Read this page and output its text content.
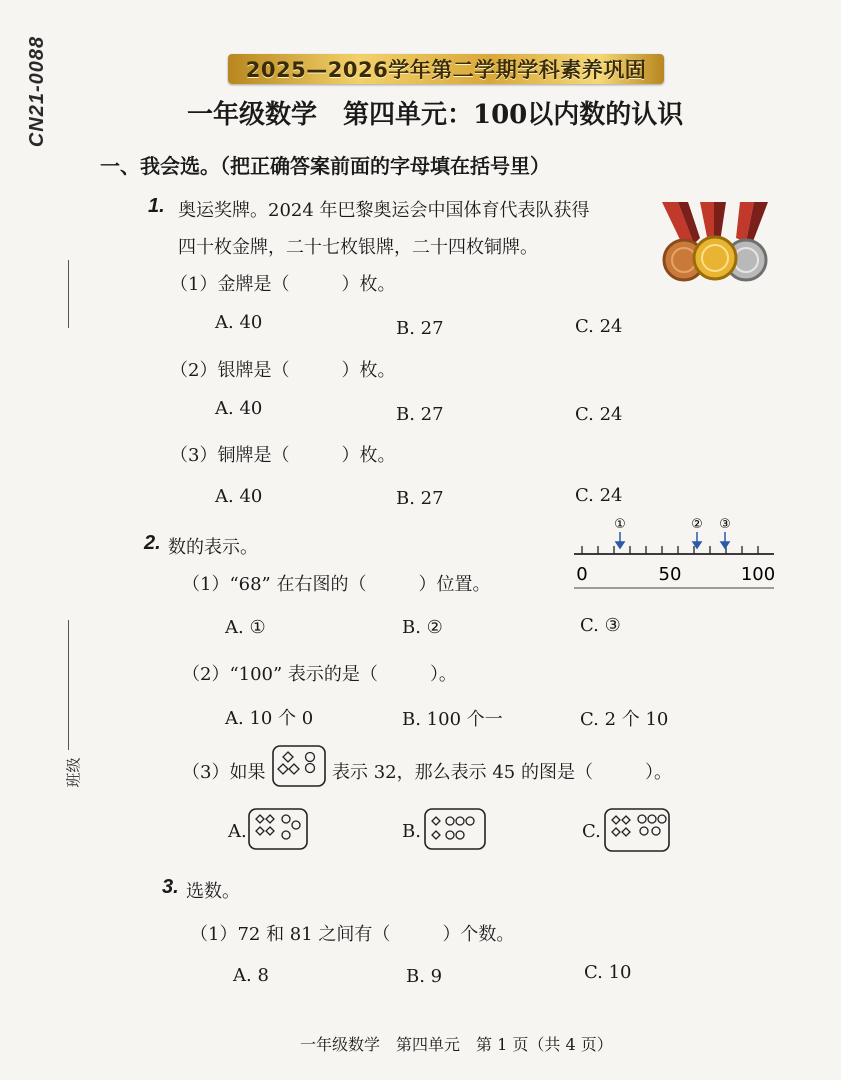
CN21-0088
班级
2025—2026学年第二学期学科素养巩固
一年级数学　第四单元：100以内数的认识
一、我会选。（把正确答案前面的字母填在括号里）
1. 奥运奖牌。2024 年巴黎奥运会中国体育代表队获得
四十枚金牌，二十七枚银牌，二十四枚铜牌。
（1）金牌是（	）枚。
A. 40	B. 27	C. 24
（2）银牌是（	）枚。
A. 40	B. 27	C. 24
（3）铜牌是（	）枚。
A. 40	B. 27	C. 24
2. 数的表示。
①	② ③
0	50	100
（1）“68” 在右图的（	）位置。
A. ①	B. ②	C. ③
（2）“100” 表示的是（	）。
A. 10 个 0	B. 100 个一	C. 2 个 10
（3）如果	表示 32，那么表示 45 的图是（	）。
A.	B.	C.
3. 选数。
（1）72 和 81 之间有（	）个数。
A. 8	B. 9	C. 10
一年级数学　第四单元　第 1 页（共 4 页）
